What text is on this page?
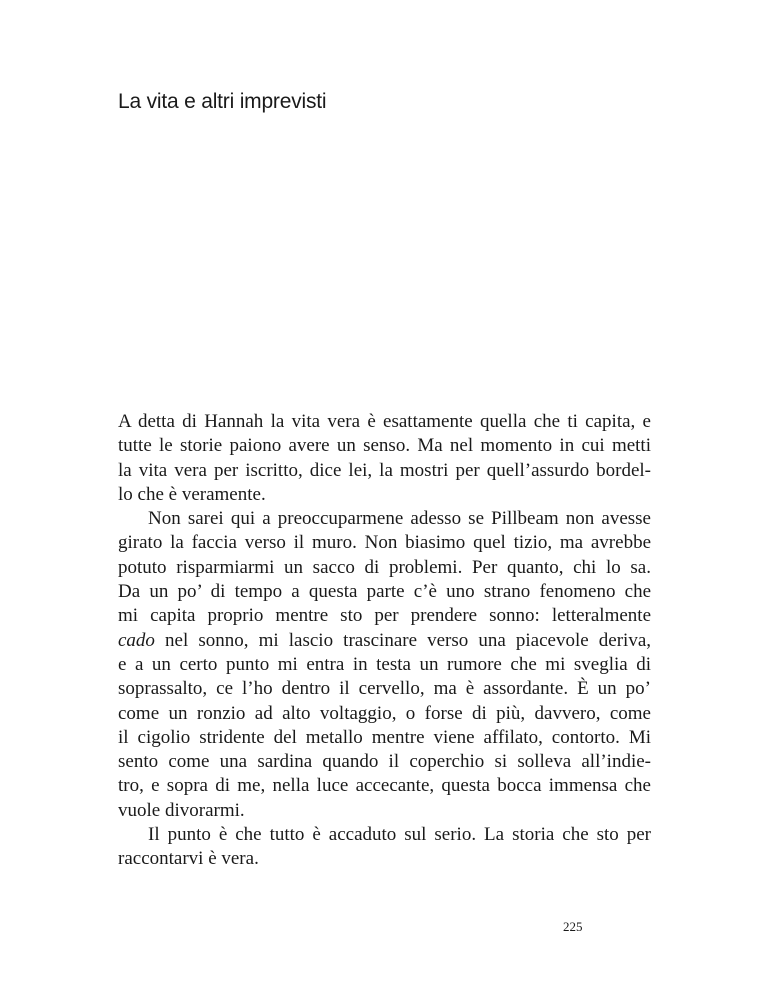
La vita e altri imprevisti

A detta di Hannah la vita vera è esattamente quella che ti capita, e
tutte le storie paiono avere un senso. Ma nel momento in cui metti
la vita vera per iscritto, dice lei, la mostri per quell’assurdo bordel-
lo che è veramente.

Non sarei qui a preoccuparmene adesso se Pillbeam non avesse
girato la faccia verso il muro. Non biasimo quel tizio, ma avrebbe
potuto risparmiarmi un sacco di problemi. Per quanto, chi lo sa.
Da un po’ di tempo a questa parte c’è uno strano fenomeno che
mi capita proprio mentre sto per prendere sonno: letteralmente
cado nel sonno, mi lascio trascinare verso una piacevole deriva,
e a un certo punto mi entra in testa un rumore che mi sveglia di
soprassalto, ce l’ho dentro il cervello, ma è assordante. È un po’
come un ronzio ad alto voltaggio, o forse di più, davvero, come
il cigolio stridente del metallo mentre viene affilato, contorto. Mi
sento come una sardina quando il coperchio si solleva all’indie-
tro, e sopra di me, nella luce accecante, questa bocca immensa che
vuole divorarmi.

Il punto è che tutto è accaduto sul serio. La storia che sto per
raccontarvi è vera.

225
